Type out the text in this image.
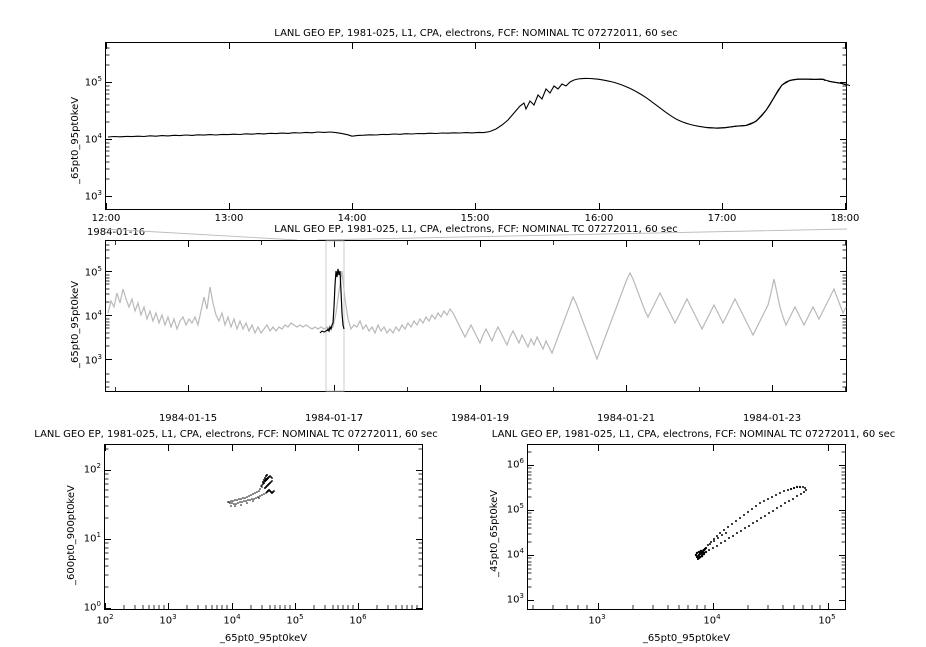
LANL GEO EP, 1981-025, L1, CPA, electrons, FCF: NOMINAL TC 07272011, 60 sec
_65pt0_95pt0keV
$10^3$
$10^4$
$10^5$
12:00	13:00	14:00	15:00	16:00	17:00	18:00
1984-01-16	LANL GEO EP, 1981-025, L1, CPA, electrons, FCF: NOMINAL TC 07272011, 60 sec
_65pt0_95pt0keV $10^3$
$10^4$
$10^5$
1984-01-15	1984-01-17	1984-01-19	1984-01-21	1984-01-23
LANL GEO EP, 1981-025, L1, CPA, electrons, FCF: NOMINAL TC 07272011, 60 sec
_600pt0_900pt0keV
_65pt0_95pt0keV
$10^0$
$10^1$
$10^2$
$10^2$	$10^3$	$10^4$	$10^5$	$10^6$
LANL GEO EP, 1981-025, L1, CPA, electrons, FCF: NOMINAL TC 07272011, 60 sec
_45pt0_65pt0keV
_65pt0_95pt0keV
$10^3$
$10^4$
$10^5$
$10^6$
$10^3$	$10^4$	$10^5$
